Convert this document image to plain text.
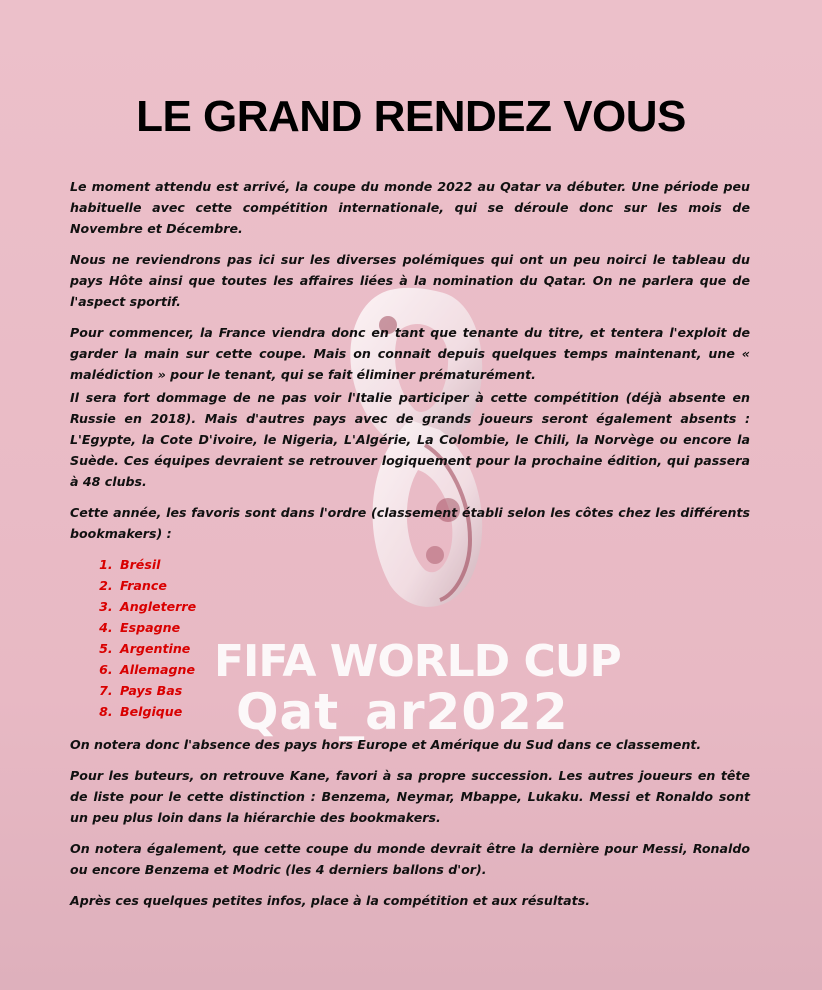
FIFA WORLD CUP
Qat_ar2022
LE GRAND RENDEZ VOUS

Le moment attendu est arrivé, la coupe du monde 2022 au Qatar va débuter. Une période peu habituelle avec cette compétition internationale, qui se déroule donc sur les mois de Novembre et Décembre.

Nous ne reviendrons pas ici sur les diverses polémiques qui ont un peu noirci le tableau du pays Hôte ainsi que toutes les affaires liées à la nomination du Qatar. On ne parlera que de l'aspect sportif.

Pour commencer, la France viendra donc en tant que tenante du titre, et tentera l'exploit de garder la main sur cette coupe. Mais on connait depuis quelques temps maintenant, une « malédiction » pour le tenant, qui se fait éliminer prématurément.

Il sera fort dommage de ne pas voir l'Italie participer à cette compétition (déjà absente en Russie en 2018). Mais d'autres pays avec de grands joueurs seront également absents : L'Egypte, la Cote D'ivoire, le Nigeria, L'Algérie, La Colombie, le Chili, la Norvège ou encore la Suède. Ces équipes devraient se retrouver logiquement pour la prochaine édition, qui passera à 48 clubs.

Cette année, les favoris sont dans l'ordre (classement établi selon les côtes chez les différents bookmakers) :

1. Brésil
2. France
3. Angleterre
4. Espagne
5. Argentine
6. Allemagne
7. Pays Bas
8. Belgique

On notera donc l'absence des pays hors Europe et Amérique du Sud dans ce classement.

Pour les buteurs, on retrouve Kane, favori à sa propre succession. Les autres joueurs en tête de liste pour le cette distinction : Benzema, Neymar, Mbappe, Lukaku. Messi et Ronaldo sont un peu plus loin dans la hiérarchie des bookmakers.

On notera également, que cette coupe du monde devrait être la dernière pour Messi, Ronaldo ou encore Benzema et Modric (les 4 derniers ballons d'or).

Après ces quelques petites infos, place à la compétition et aux résultats.
